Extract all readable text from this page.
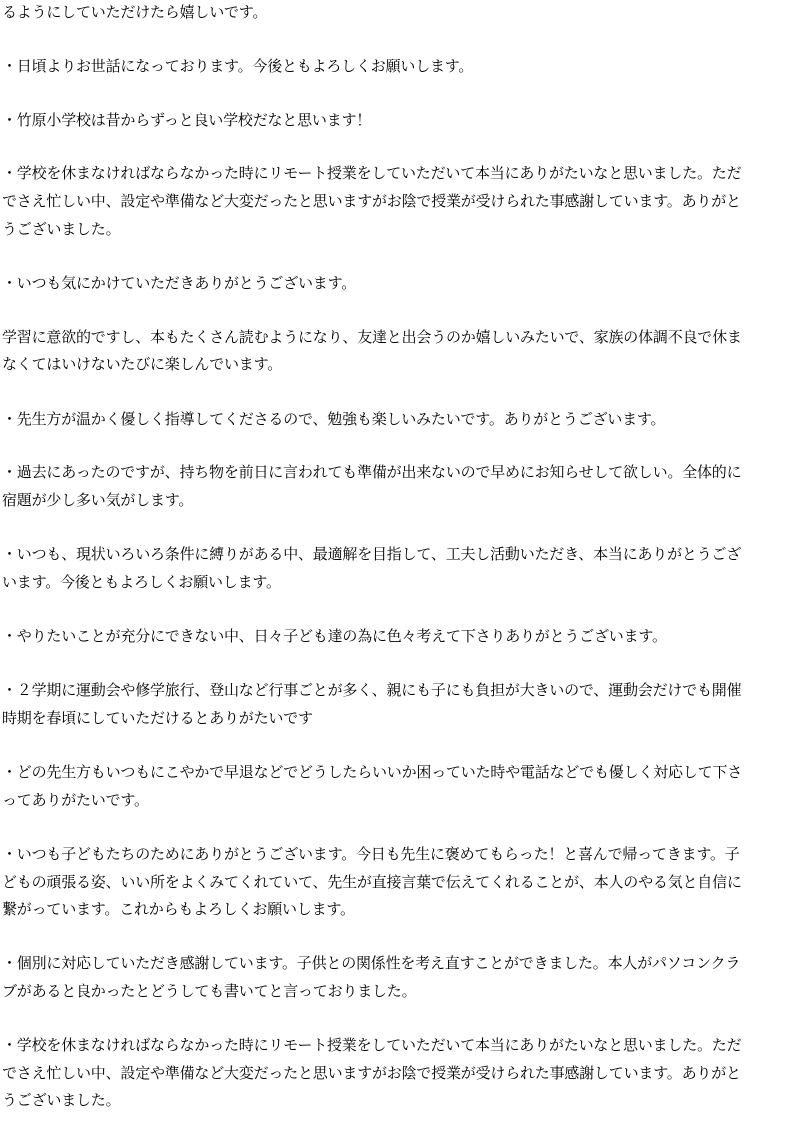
るようにしていただけたら嬉しいです。
・日頃よりお世話になっております。今後ともよろしくお願いします。
・竹原小学校は昔からずっと良い学校だなと思います！
・学校を休まなければならなかった時にリモート授業をしていただいて本当にありがたいなと思いました。ただ
でさえ忙しい中、設定や準備など大変だったと思いますがお陰で授業が受けられた事感謝しています。ありがと
うございました。
・いつも気にかけていただきありがとうございます。
学習に意欲的ですし、本もたくさん読むようになり、友達と出会うのか嬉しいみたいで、家族の体調不良で休ま
なくてはいけないたびに楽しんでいます。
・先生方が温かく優しく指導してくださるので、勉強も楽しいみたいです。ありがとうございます。
・過去にあったのですが、持ち物を前日に言われても準備が出来ないので早めにお知らせして欲しい。全体的に
宿題が少し多い気がします。
・いつも、現状いろいろ条件に縛りがある中、最適解を目指して、工夫し活動いただき、本当にありがとうござ
います。今後ともよろしくお願いします。
・やりたいことが充分にできない中、日々子ども達の為に色々考えて下さりありがとうございます。
・２学期に運動会や修学旅行、登山など行事ごとが多く、親にも子にも負担が大きいので、運動会だけでも開催
時期を春頃にしていただけるとありがたいです
・どの先生方もいつもにこやかで早退などでどうしたらいいか困っていた時や電話などでも優しく対応して下さ
ってありがたいです。
・いつも子どもたちのためにありがとうございます。今日も先生に褒めてもらった！と喜んで帰ってきます。子
どもの頑張る姿、いい所をよくみてくれていて、先生が直接言葉で伝えてくれることが、本人のやる気と自信に
繋がっています。これからもよろしくお願いします。
・個別に対応していただき感謝しています。子供との関係性を考え直すことができました。本人がパソコンクラ
ブがあると良かったとどうしても書いてと言っておりました。
・学校を休まなければならなかった時にリモート授業をしていただいて本当にありがたいなと思いました。ただ
でさえ忙しい中、設定や準備など大変だったと思いますがお陰で授業が受けられた事感謝しています。ありがと
うございました。
